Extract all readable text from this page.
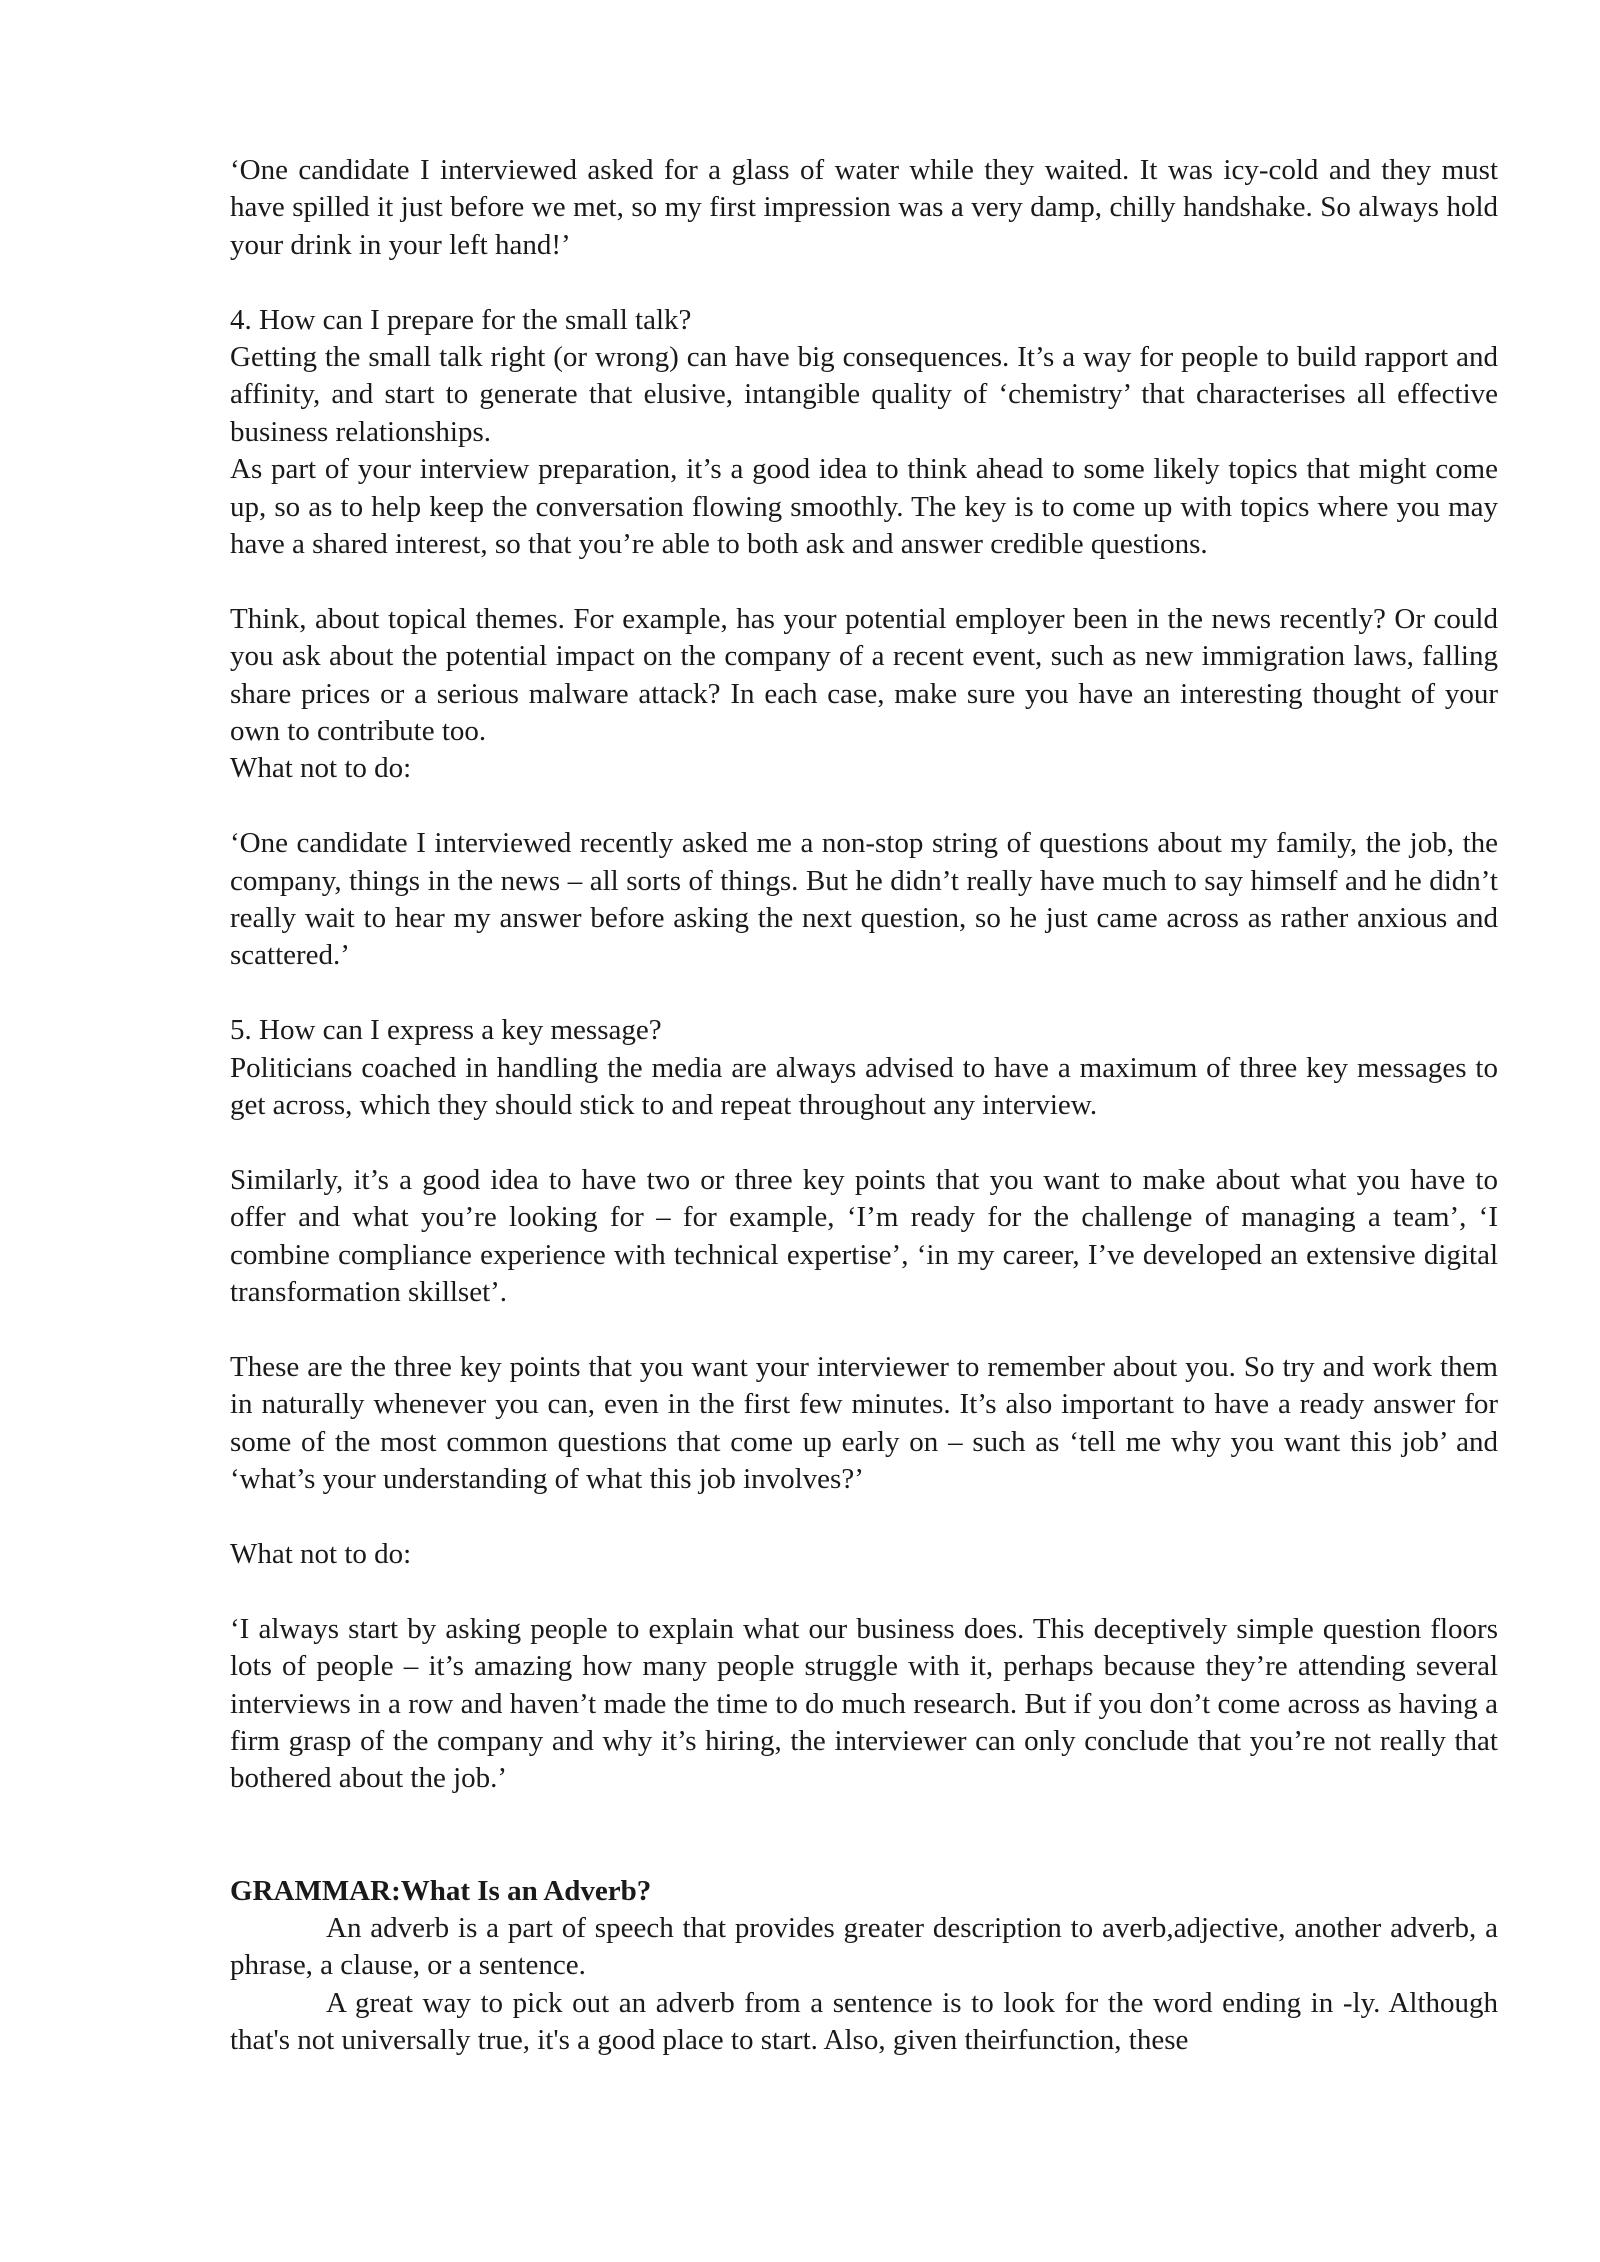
‘One candidate I interviewed asked for a glass of water while they waited. It was icy-cold and they must have spilled it just before we met, so my first impression was a very damp, chilly handshake. So always hold your drink in your left hand!’

4. How can I prepare for the small talk?

Getting the small talk right (or wrong) can have big consequences. It’s a way for people to build rapport and affinity, and start to generate that elusive, intangible quality of ‘chemistry’ that characterises all effective business relationships.

As part of your interview preparation, it’s a good idea to think ahead to some likely topics that might come up, so as to help keep the conversation flowing smoothly. The key is to come up with topics where you may have a shared interest, so that you’re able to both ask and answer credible questions.

Think, about topical themes. For example, has your potential employer been in the news recently? Or could you ask about the potential impact on the company of a recent event, such as new immigration laws, falling share prices or a serious malware attack? In each case, make sure you have an interesting thought of your own to contribute too.

What not to do:

‘One candidate I interviewed recently asked me a non-stop string of questions about my family, the job, the company, things in the news – all sorts of things. But he didn’t really have much to say himself and he didn’t really wait to hear my answer before asking the next question, so he just came across as rather anxious and scattered.’

5. How can I express a key message?

Politicians coached in handling the media are always advised to have a maximum of three key messages to get across, which they should stick to and repeat throughout any interview.

Similarly, it’s a good idea to have two or three key points that you want to make about what you have to offer and what you’re looking for – for example, ‘I’m ready for the challenge of managing a team’, ‘I combine compliance experience with technical expertise’, ‘in my career, I’ve developed an extensive digital transformation skillset’.

These are the three key points that you want your interviewer to remember about you. So try and work them in naturally whenever you can, even in the first few minutes. It’s also important to have a ready answer for some of the most common questions that come up early on – such as ‘tell me why you want this job’ and ‘what’s your understanding of what this job involves?’

What not to do:

‘I always start by asking people to explain what our business does. This deceptively simple question floors lots of people – it’s amazing how many people struggle with it, perhaps because they’re attending several interviews in a row and haven’t made the time to do much research. But if you don’t come across as having a firm grasp of the company and why it’s hiring, the interviewer can only conclude that you’re not really that bothered about the job.’

GRAMMAR:What Is an Adverb?

An adverb is a part of speech that provides greater description to averb,adjective, another adverb, a phrase, a clause, or a sentence.

A great way to pick out an adverb from a sentence is to look for the word ending in -ly. Although that's not universally true, it's a good place to start. Also, given theirfunction, these
